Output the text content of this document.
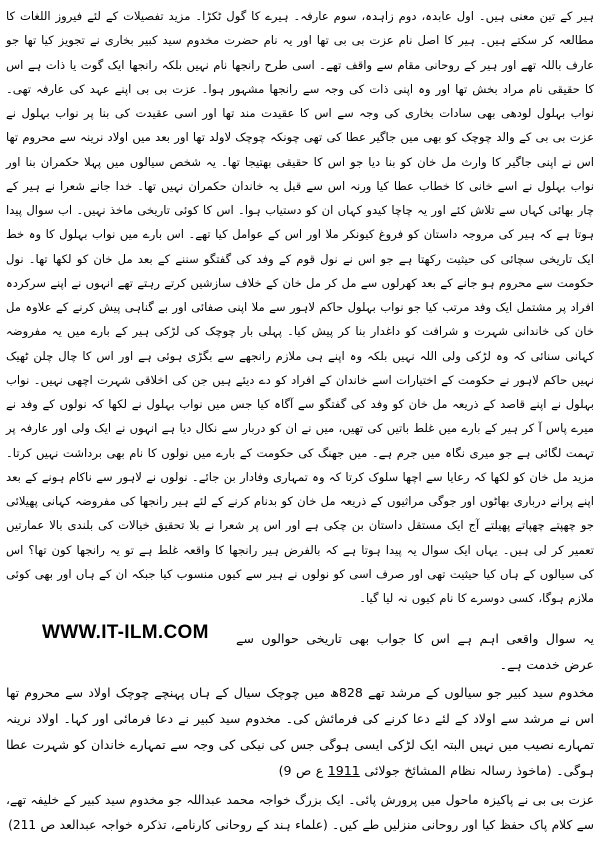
ہیر کے تین معنی ہیں۔ اول عابدہ، دوم زاہدہ، سوم عارفہ۔ ہیرے کا گول ٹکڑا۔ مزید تفصیلات کے لئے فیروز اللغات کا مطالعہ کر سکتے ہیں۔ ہیر کا اصل نام عزت بی بی تھا اور یہ نام حضرت مخدوم سید کبیر بخاری نے تجویز کیا تھا جو عارف باللہ تھے اور ہیر کے روحانی مقام سے واقف تھے۔ اسی طرح رانجھا نام نہیں بلکہ رانجھا ایک گوت یا ذات ہے اس کا حقیقی نام مراد بخش تھا اور وہ اپنی ذات کی وجہ سے رانجھا مشہور ہوا۔ عزت بی بی اپنے عہد کی عارفہ تھی۔ نواب بہلول لودھی بھی سادات بخاری کی وجہ سے اس کا عقیدت مند تھا اور اسی عقیدت کی بنا پر نواب بہلول نے عزت بی بی کے والد چوچک کو بھی میں جاگیر عطا کی تھی چونکہ چوچک لاولد تھا اور بعد میں اولاد نرینہ سے محروم تھا اس نے اپنی جاگیر کا وارث مل خان کو بنا دیا جو اس کا حقیقی بھتیجا تھا۔ یہ شخص سیالوں میں پہلا حکمران بنا اور نواب بہلول نے اسے خانی کا خطاب عطا کیا ورنہ اس سے قبل یہ خاندان حکمران نہیں تھا۔ خدا جانے شعرا نے ہیر کے چار بھائی کہاں سے تلاش کئے اور یہ چاچا کیدو کہاں ان کو دستیاب ہوا۔ اس کا کوئی تاریخی ماخذ نہیں۔ اب سوال پیدا ہوتا ہے کہ ہیر کی مروجہ داستان کو فروغ کیونکر ملا اور اس کے عوامل کیا تھے۔ اس بارے میں نواب بہلول کا وہ خط ایک تاریخی سچائی کی حیثیت رکھتا ہے جو اس نے نول قوم کے وفد کی گفتگو سننے کے بعد مل خان کو لکھا تھا۔ نول حکومت سے محروم ہو جانے کے بعد کھرلوں سے مل کر مل خان کے خلاف سازشیں کرتے رہتے تھے انہوں نے اپنے سرکردہ افراد پر مشتمل ایک وفد مرتب کیا جو نواب بہلول حاکم لاہور سے ملا اپنی صفائی اور بے گناہی پیش کرنے کے علاوہ مل خان کی خاندانی شہرت و شرافت کو داغدار بنا کر پیش کیا۔ پہلی بار چوچک کی لڑکی ہیر کے بارے میں یہ مفروضہ کہانی سنائی کہ وہ لڑکی ولی اللہ نہیں بلکہ وہ اپنے ہی ملازم رانجھے سے بگڑی ہوئی ہے اور اس کا چال چلن ٹھیک نہیں حاکم لاہور نے حکومت کے اختیارات اسے خاندان کے افراد کو دے دیئے ہیں جن کی اخلاقی شہرت اچھی نہیں۔ نواب بہلول نے اپنے قاصد کے ذریعہ مل خان کو وفد کی گفتگو سے آگاہ کیا جس میں نواب بہلول نے لکھا کہ نولوں کے وفد نے میرے پاس آ کر ہیر کے بارے میں غلط باتیں کی تھیں، میں نے ان کو دربار سے نکال دیا ہے انہوں نے ایک ولی اور عارفہ پر تہمت لگائی ہے جو میری نگاہ میں جرم ہے۔ میں جھنگ کی حکومت کے بارے میں نولوں کا نام بھی برداشت نہیں کرتا۔ مزید مل خان کو لکھا کہ رعایا سے اچھا سلوک کرتا کہ وہ تمہاری وفادار بن جائے۔ نولوں نے لاہور سے ناکام ہونے کے بعد اپنے پرانے درباری بھاٹوں اور جوگی مراثیوں کے ذریعہ مل خان کو بدنام کرنے کے لئے ہیر رانجھا کی مفروضہ کہانی پھیلائی جو چھپتے چھپاتے پھیلتے آج ایک مستقل داستان بن چکی ہے اور اس پر شعرا نے بلا تحقیق خیالات کی بلندی بالا عمارتیں تعمیر کر لی ہیں۔ یہاں ایک سوال یہ پیدا ہوتا ہے کہ بالفرض ہیر رانجھا کا واقعہ غلط ہے تو یہ رانجھا کون تھا؟ اس کی سیالوں کے ہاں کیا حیثیت تھی اور صرف اسی کو نولوں نے ہیر سے کیوں منسوب کیا جبکہ ان کے ہاں اور بھی کوئی ملازم ہوگا، کسی دوسرے کا نام کیوں نہ لیا گیا۔

WWW.IT-ILM.COM یہ سوال واقعی اہم ہے اس کا جواب بھی تاریخی حوالوں سے عرض خدمت ہے۔

مخدوم سید کبیر جو سیالوں کے مرشد تھے 828ھ میں چوچک سیال کے ہاں پہنچے چوچک اولاد سے محروم تھا اس نے مرشد سے اولاد کے لئے دعا کرنے کی فرمائش کی۔ مخدوم سید کبیر نے دعا فرمائی اور کہا۔ اولاد نرینہ تمہارے نصیب میں نہیں البتہ ایک لڑکی ایسی ہوگی جس کی نیکی کی وجہ سے تمہارے خاندان کو شہرت عطا ہوگی۔ (ماخوذ رسالہ نظام المشائخ جولائی 1911 ع ص 9)

عزت بی بی نے پاکیزہ ماحول میں پرورش پائی۔ ایک بزرگ خواجہ محمد عبداللہ جو مخدوم سید کبیر کے خلیفہ تھے، سے کلام پاک حفظ کیا اور روحانی منزلیں طے کیں۔ (علماء ہند کے روحانی کارنامے، تذکرہ خواجہ عبدالعد ص 211)
